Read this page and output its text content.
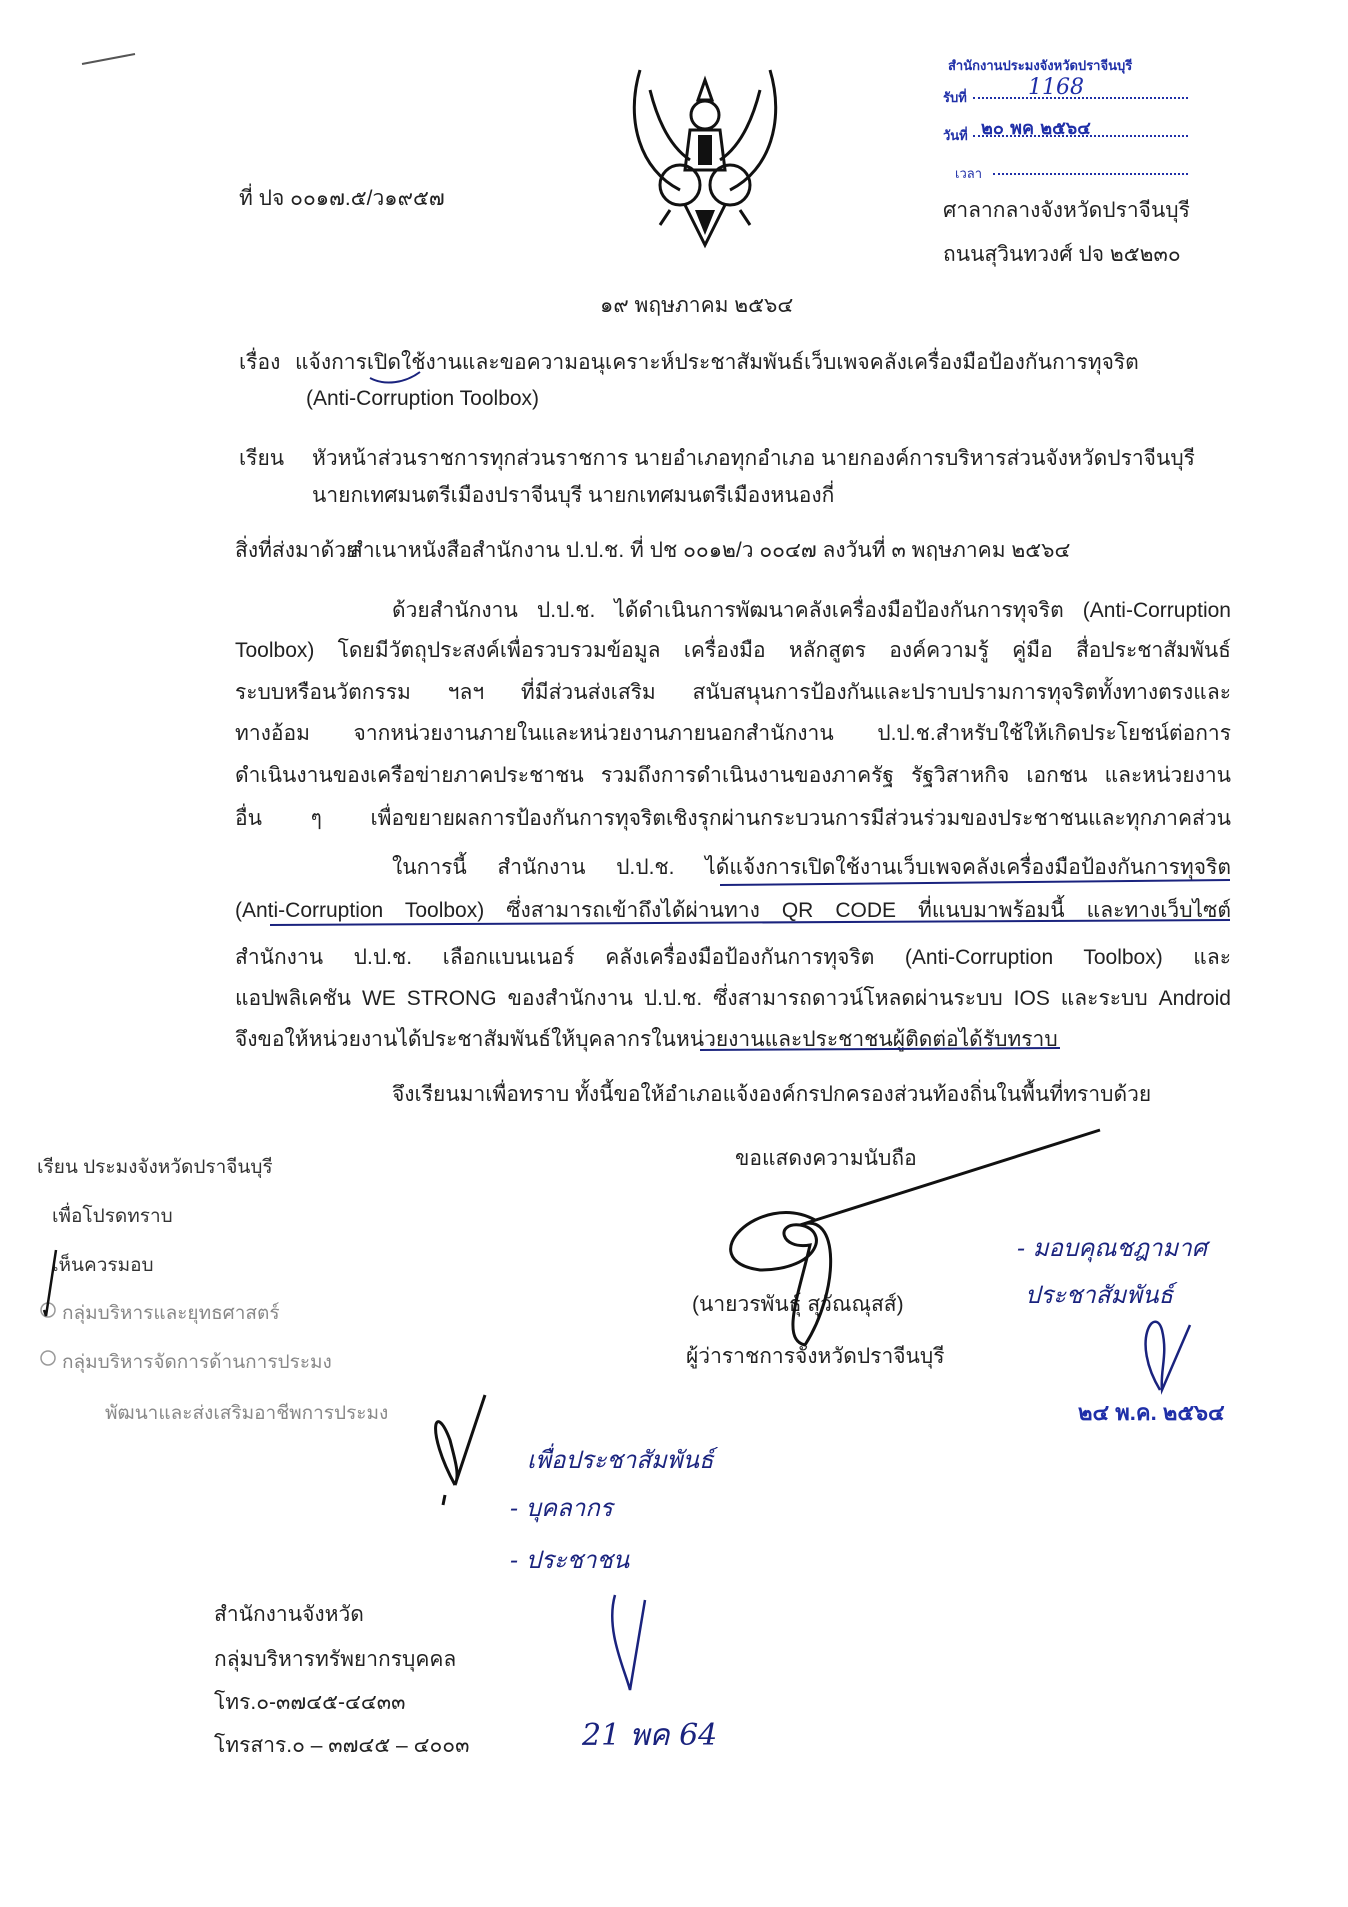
ที่ ปจ ๐๐๑๗.๕/ว๑๙๕๗
สำนักงานประมงจังหวัดปราจีนบุรี
รับที่	1168
วันที่ ๒๐ พค ๒๕๖๔
เวลา
ศาลากลางจังหวัดปราจีนบุรี
ถนนสุวินทวงศ์ ปจ ๒๕๒๓๐
๑๙ พฤษภาคม ๒๕๖๔
เรื่อง แจ้งการเปิดใช้งานและขอความอนุเคราะห์ประชาสัมพันธ์เว็บเพจคลังเครื่องมือป้องกันการทุจริต
(Anti-Corruption Toolbox)
เรียน หัวหน้าส่วนราชการทุกส่วนราชการ นายอำเภอทุกอำเภอ นายกองค์การบริหารส่วนจังหวัดปราจีนบุรี
นายกเทศมนตรีเมืองปราจีนบุรี นายกเทศมนตรีเมืองหนองกี่
สิ่งที่ส่งมาด้วย
สำเนาหนังสือสำนักงาน ป.ป.ช. ที่ ปช ๐๐๑๒/ว ๐๐๔๗ ลงวันที่ ๓ พฤษภาคม ๒๕๖๔
ด้วยสำนักงาน ป.ป.ช. ได้ดำเนินการพัฒนาคลังเครื่องมือป้องกันการทุจริต (Anti-Corruption
Toolbox) โดยมีวัตถุประสงค์เพื่อรวบรวมข้อมูล เครื่องมือ หลักสูตร องค์ความรู้ คู่มือ สื่อประชาสัมพันธ์
ระบบหรือนวัตกรรม ฯลฯ ที่มีส่วนส่งเสริม สนับสนุนการป้องกันและปราบปรามการทุจริตทั้งทางตรงและ
ทางอ้อม จากหน่วยงานภายในและหน่วยงานภายนอกสำนักงาน ป.ป.ช.สำหรับใช้ให้เกิดประโยชน์ต่อการ
ดำเนินงานของเครือข่ายภาคประชาชน รวมถึงการดำเนินงานของภาครัฐ รัฐวิสาหกิจ เอกชน และหน่วยงาน
อื่น ๆ เพื่อขยายผลการป้องกันการทุจริตเชิงรุกผ่านกระบวนการมีส่วนร่วมของประชาชนและทุกภาคส่วน
ในการนี้ สำนักงาน ป.ป.ช. ได้แจ้งการเปิดใช้งานเว็บเพจคลังเครื่องมือป้องกันการทุจริต
(Anti-Corruption Toolbox) ซึ่งสามารถเข้าถึงได้ผ่านทาง QR CODE ที่แนบมาพร้อมนี้ และทางเว็บไซต์
สำนักงาน ป.ป.ช. เลือกแบนเนอร์ คลังเครื่องมือป้องกันการทุจริต (Anti-Corruption Toolbox) และ
แอปพลิเคชัน WE STRONG ของสำนักงาน ป.ป.ช. ซึ่งสามารถดาวน์โหลดผ่านระบบ IOS และระบบ Android
จึงขอให้หน่วยงานได้ประชาสัมพันธ์ให้บุคลากรในหน่วยงานและประชาชนผู้ติดต่อได้รับทราบ
จึงเรียนมาเพื่อทราบ ทั้งนี้ขอให้อำเภอแจ้งองค์กรปกครองส่วนท้องถิ่นในพื้นที่ทราบด้วย
เรียน ประมงจังหวัดปราจีนบุรี
เพื่อโปรดทราบ
เห็นควรมอบ
กลุ่มบริหารและยุทธศาสตร์
กลุ่มบริหารจัดการด้านการประมง
พัฒนาและส่งเสริมอาชีพการประมง
ขอแสดงความนับถือ
(นายวรพันธุ์ สุวัณณุสส์)
ผู้ว่าราชการจังหวัดปราจีนบุรี
- มอบคุณชฎามาศ
ประชาสัมพันธ์
๒๔ พ.ค. ๒๕๖๔
เพื่อประชาสัมพันธ์
- บุคลากร
- ประชาชน
21 พค 64
สำนักงานจังหวัด
กลุ่มบริหารทรัพยากรบุคคล
โทร.๐-๓๗๔๕-๔๔๓๓
โทรสาร.๐ – ๓๗๔๕ – ๔๐๐๓
